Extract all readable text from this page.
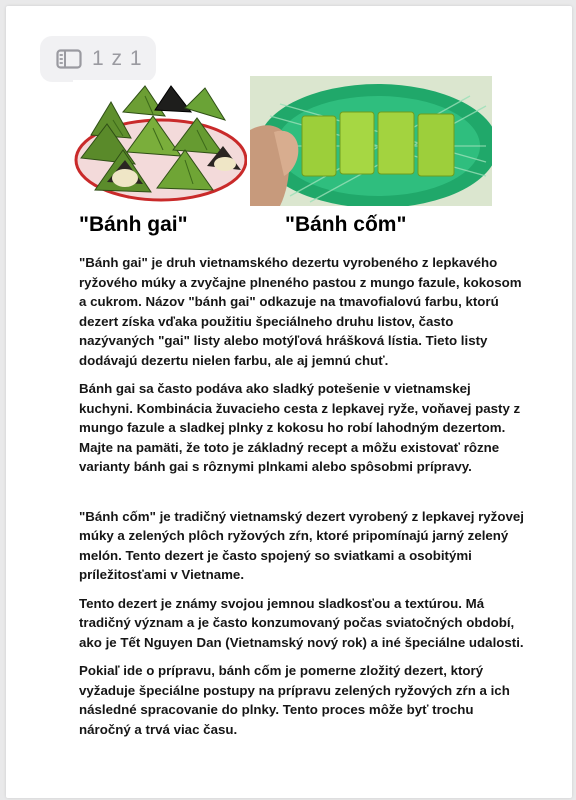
1 z 1
"Bánh gai"	"Bánh cốm"

"Bánh gai" je druh vietnamského dezertu vyrobeného z lepkavého ryžového múky a zvyčajne plneného pastou z mungo fazule, kokosom a cukrom. Názov "bánh gai" odkazuje na tmavofialovú farbu, ktorú dezert získa vďaka použitiu špeciálneho druhu listov, často nazývaných "gai" listy alebo motýľová hrášková lístia. Tieto listy dodávajú dezertu nielen farbu, ale aj jemnú chuť.

Bánh gai sa často podáva ako sladký potešenie v vietnamskej kuchyni. Kombinácia žuvacieho cesta z lepkavej ryže, voňavej pasty z mungo fazule a sladkej plnky z kokosu ho robí lahodným dezertom. Majte na pamäti, že toto je základný recept a môžu existovať rôzne varianty bánh gai s rôznymi plnkami alebo spôsobmi prípravy.

"Bánh cốm" je tradičný vietnamský dezert vyrobený z lepkavej ryžovej múky a zelených plôch ryžových zŕn, ktoré pripomínajú jarný zelený melón. Tento dezert je často spojený so sviatkami a osobitými príležitosťami v Vietname.

Tento dezert je známy svojou jemnou sladkosťou a textúrou. Má tradičný význam a je často konzumovaný počas sviatočných období, ako je Tết Nguyen Dan (Vietnamský nový rok) a iné špeciálne udalosti.

Pokiaľ ide o prípravu, bánh cốm je pomerne zložitý dezert, ktorý vyžaduje špeciálne postupy na prípravu zelených ryžových zŕn a ich následné spracovanie do plnky. Tento proces môže byť trochu náročný a trvá viac času.
